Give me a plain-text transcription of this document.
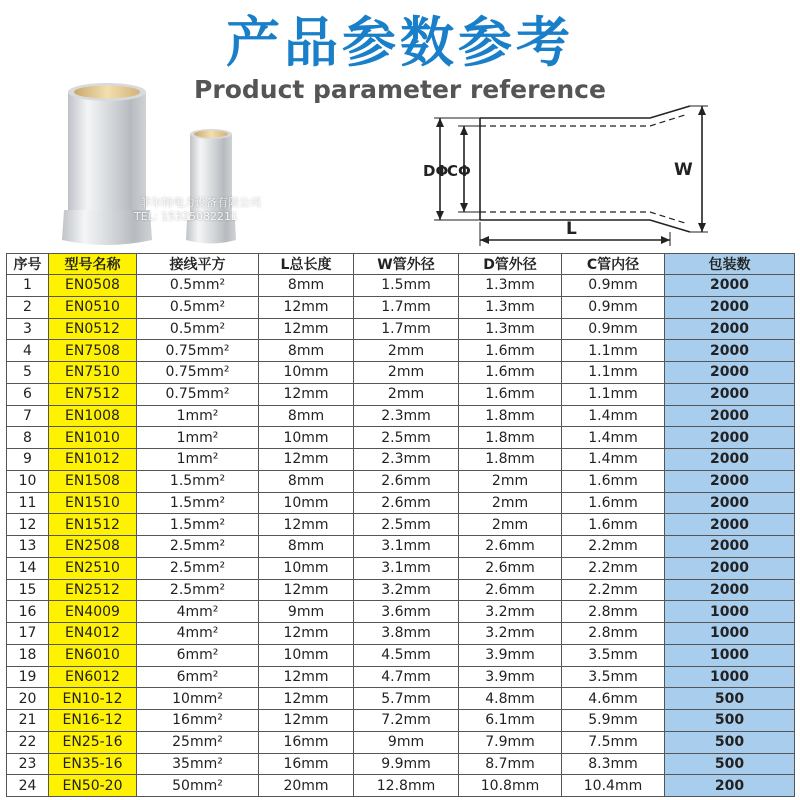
产品参数参考
Product parameter reference
菲尔特电力设备有限公司
TEL: 15325082211
DΦ
CΦ	W
L
序号	型号名称	接线平方	L总长度	W管外径	D管外径	C管内径	包装数
1	EN0508	0.5mm²	8mm	1.5mm	1.3mm	0.9mm	2000
2	EN0510	0.5mm²	12mm	1.7mm	1.3mm	0.9mm	2000
3	EN0512	0.5mm²	12mm	1.7mm	1.3mm	0.9mm	2000
4	EN7508	0.75mm²	8mm	2mm	1.6mm	1.1mm	2000
5	EN7510	0.75mm²	10mm	2mm	1.6mm	1.1mm	2000
6	EN7512	0.75mm²	12mm	2mm	1.6mm	1.1mm	2000
7	EN1008	1mm²	8mm	2.3mm	1.8mm	1.4mm	2000
8	EN1010	1mm²	10mm	2.5mm	1.8mm	1.4mm	2000
9	EN1012	1mm²	12mm	2.3mm	1.8mm	1.4mm	2000
10	EN1508	1.5mm²	8mm	2.6mm	2mm	1.6mm	2000
11	EN1510	1.5mm²	10mm	2.6mm	2mm	1.6mm	2000
12	EN1512	1.5mm²	12mm	2.5mm	2mm	1.6mm	2000
13	EN2508	2.5mm²	8mm	3.1mm	2.6mm	2.2mm	2000
14	EN2510	2.5mm²	10mm	3.1mm	2.6mm	2.2mm	2000
15	EN2512	2.5mm²	12mm	3.2mm	2.6mm	2.2mm	2000
16	EN4009	4mm²	9mm	3.6mm	3.2mm	2.8mm	1000
17	EN4012	4mm²	12mm	3.8mm	3.2mm	2.8mm	1000
18	EN6010	6mm²	10mm	4.5mm	3.9mm	3.5mm	1000
19	EN6012	6mm²	12mm	4.7mm	3.9mm	3.5mm	1000
20	EN10-12	10mm²	12mm	5.7mm	4.8mm	4.6mm	500
21	EN16-12	16mm²	12mm	7.2mm	6.1mm	5.9mm	500
22	EN25-16	25mm²	16mm	9mm	7.9mm	7.5mm	500
23	EN35-16	35mm²	16mm	9.9mm	8.7mm	8.3mm	500
24	EN50-20	50mm²	20mm	12.8mm	10.8mm	10.4mm	200
